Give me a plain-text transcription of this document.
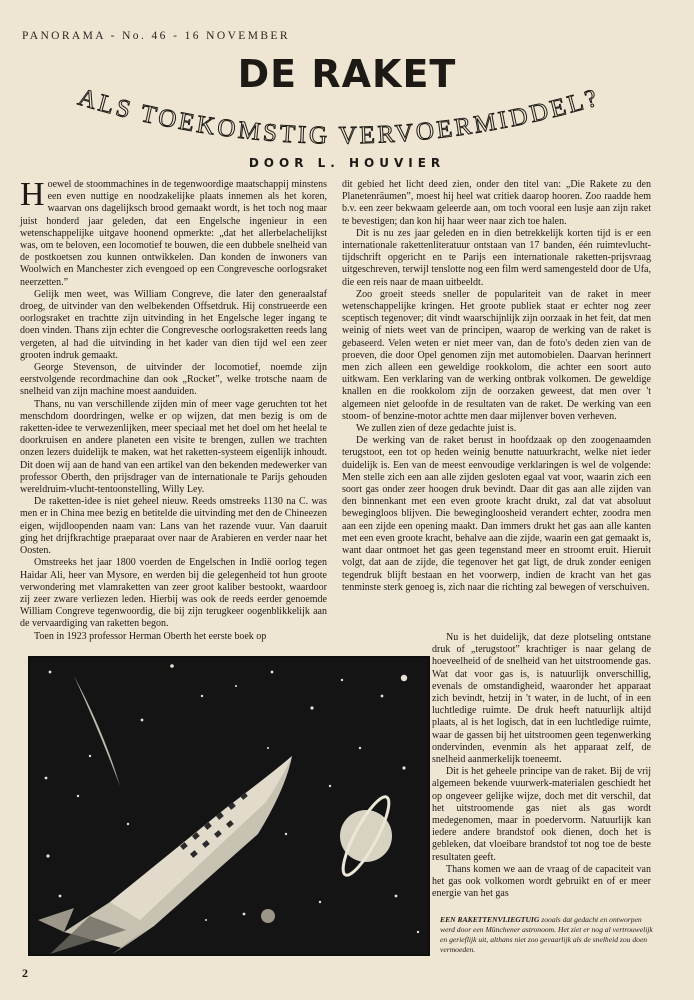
PANORAMA - No. 46 - 16 NOVEMBER
DE RAKET
ALS TOEKOMSTIG VERVOERMIDDEL?
DOOR L. HOUVIER

Hoewel de stoommachines in de tegenwoordige maatschappij minstens een even nuttige en noodzakelijke plaats innemen als het koren, waarvan ons dagelijksch brood gemaakt wordt, is het toch nog maar juist honderd jaar geleden, dat een Engelsche ingenieur in een wetenschappelijke uitgave hoonend opmerkte: „dat het allerbelachelijkst was, om te beloven, een locomotief te bouwen, die een dubbele snelheid van de postkoetsen zou kunnen ontwikkelen. Dan konden de inwoners van Woolwich en Manchester zich evengoed op een Congrevesche oorlogsraket neerzetten.”

Gelijk men weet, was William Congreve, die later den generaalstaf droeg, de uitvinder van den welbekenden Offsetdruk. Hij construeerde een oorlogsraket en trachtte zijn uitvinding in het Engelsche leger ingang te doen vinden. Thans zijn echter die Congrevesche oorlogsraketten reeds lang vergeten, al had die uitvinding in het kader van dien tijd wel een zeer grooten indruk gemaakt.

George Stevenson, de uitvinder der locomotief, noemde zijn eerstvolgende recordmachine dan ook „Rocket”, welke trotsche naam de snelheid van zijn machine moest aanduiden.

Thans, nu van verschillende zijden min of meer vage geruchten tot het menschdom doordringen, welke er op wijzen, dat men bezig is om de raketten-idee te verwezenlijken, meer speciaal met het doel om het heelal te doorkruisen en andere planeten een visite te brengen, zullen we trachten onzen lezers duidelijk te maken, wat het raketten-systeem eigenlijk inhoudt. Dit doen wij aan de hand van een artikel van den bekenden medewerker van professor Oberth, den prijsdrager van de internationale te Parijs gehouden wereldruim-vlucht-tentoonstelling, Willy Ley.

De raketten-idee is niet geheel nieuw. Reeds omstreeks 1130 na C. was men er in China mee bezig en betitelde die uitvinding met den de Chineezen eigen, wijdloopenden naam van: Lans van het razende vuur. Van daaruit ging het drijfkrachtige praeparaat over naar de Arabieren en verder naar het Oosten.

Omstreeks het jaar 1800 voerden de Engelschen in Indië oorlog tegen Haidar Ali, heer van Mysore, en werden bij die gelegenheid tot hun groote verwondering met vlamraketten van zeer groot kaliber bestookt, waardoor zij zeer zware verliezen leden. Hierbij was ook de reeds eerder genoemde William Congreve tegenwoordig, die bij zijn terugkeer oogenblikkelijk aan de vervaardiging van raketten begon.

Toen in 1923 professor Herman Oberth het eerste boek op

dit gebied het licht deed zien, onder den titel van: „Die Rakete zu den Planetenräumen”, moest hij heel wat critiek daarop hooren. Zoo raadde hem b.v. een zeer bekwaam geleerde aan, om toch vooral een lusje aan zijn raket te bevestigen; dan kon hij haar weer naar zich toe halen.

Dit is nu zes jaar geleden en in dien betrekkelijk korten tijd is er een internationale rakettenliteratuur ontstaan van 17 banden, één ruimtevlucht-tijdschrift opgericht en te Parijs een internationale raketten-prijsvraag uitgeschreven, terwijl tenslotte nog een film werd samengesteld door de Ufa, die een reis naar de maan uitbeeldt.

Zoo groeit steeds sneller de populariteit van de raket in meer wetenschappelijke kringen. Het groote publiek staat er echter nog zeer sceptisch tegenover; dit vindt waarschijnlijk zijn oorzaak in het feit, dat men weinig of niets weet van de principen, waarop de werking van de raket is gebaseerd. Velen weten er niet meer van, dan de foto's deden zien van de proeven, die door Opel genomen zijn met automobielen. Daarvan herinnert men zich alleen een geweldige rookkolom, die achter een soort auto uitkwam. Een verklaring van de werking ontbrak volkomen. De geweldige knallen en die rookkolom zijn de oorzaken geweest, dat men over 't algemeen niet geloofde in de resultaten van de raket. De werking van een stoom- of benzine-motor achtte men daar mijlenver boven verheven.

We zullen zien of deze gedachte juist is.

De werking van de raket berust in hoofdzaak op den zoogenaamden terugstoot, een tot op heden weinig benutte natuurkracht, welke niet ieder duidelijk is. Een van de meest eenvoudige verklaringen is wel de volgende: Men stelle zich een aan alle zijden gesloten egaal vat voor, waarin zich een soort gas onder zeer hoogen druk bevindt. Daar dit gas aan alle zijden van den binnenkant met een even groote kracht drukt, zal dat vat absoluut bewegingloos blijven. Die bewegingloosheid verandert echter, zoodra men aan een zijde een opening maakt. Dan immers drukt het gas aan alle kanten met een even groote kracht, behalve aan die zijde, waarin een gat gemaakt is, want daar ontmoet het gas geen tegenstand meer en stroomt eruit. Hieruit volgt, dat aan de zijde, die tegenover het gat ligt, de druk zonder eenigen tegendruk blijft bestaan en het voorwerp, indien de kracht van het gas tenminste sterk genoeg is, zich naar die richting zal bewegen of verschuiven.

Nu is het duidelijk, dat deze plotseling ontstane druk of „terugstoot” krachtiger is naar gelang de hoeveelheid of de snelheid van het uitstroomende gas. Wat dat voor gas is, is natuurlijk onverschillig, evenals de omstandigheid, waaronder het apparaat zich bevindt, hetzij in 't water, in de lucht, of in een luchtledige ruimte. De druk heeft natuurlijk altijd plaats, al is het logisch, dat in een luchtledige ruimte, waar de gassen bij het uitstroomen geen tegenwerking ondervinden, evenmin als het apparaat zelf, de snelheid aanmerkelijk toeneemt.

Dit is het geheele principe van de raket. Bij de vrij algemeen bekende vuurwerk-materialen geschiedt het op ongeveer gelijke wijze, doch met dit verschil, dat het uitstroomende gas niet als gas wordt medegenomen, maar in poedervorm. Natuurlijk kan iedere andere brandstof ook dienen, doch het is gebleken, dat vloeibare brandstof tot nog toe de beste resultaten geeft.

Thans komen we aan de vraag of de capaciteit van het gas ook volkomen wordt gebruikt en of er meer energie van het gas

EEN RAKETTENVLIEGTUIG zooals dat gedacht en ontworpen werd door een Münchener astronoom. Het ziet er nog al vertrouwelijk en gerieflijk uit, althans niet zoo gevaarlijk als de snelheid zou doen vermoeden.
2
